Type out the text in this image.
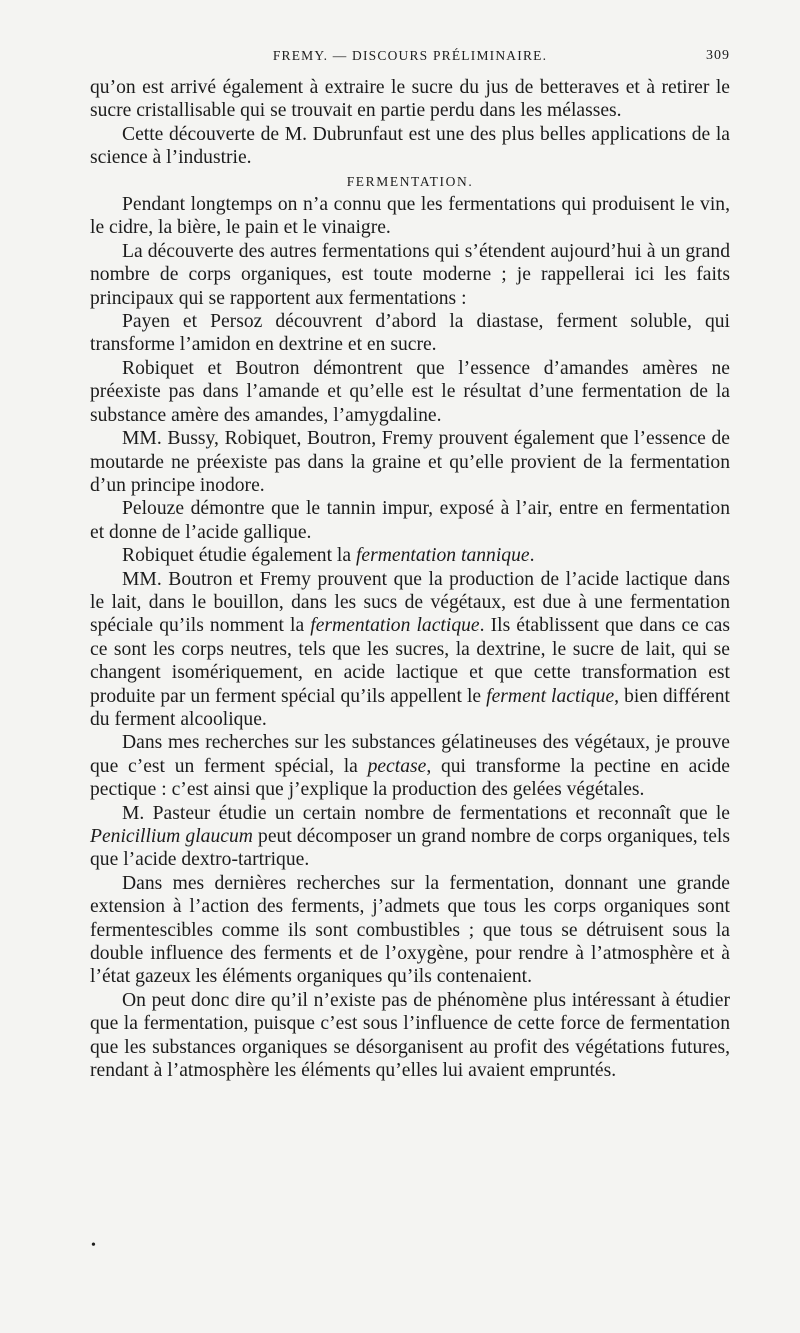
FREMY. — DISCOURS PRÉLIMINAIRE.	309

qu’on est arrivé également à extraire le sucre du jus de betteraves et à retirer le sucre cristallisable qui se trouvait en partie perdu dans les mélasses.

Cette découverte de M. Dubrunfaut est une des plus belles applications de la science à l’industrie.

FERMENTATION.

Pendant longtemps on n’a connu que les fermentations qui produisent le vin, le cidre, la bière, le pain et le vinaigre.

La découverte des autres fermentations qui s’étendent aujourd’hui à un grand nombre de corps organiques, est toute moderne ; je rappellerai ici les faits principaux qui se rapportent aux fermentations :

Payen et Persoz découvrent d’abord la diastase, ferment soluble, qui transforme l’amidon en dextrine et en sucre.

Robiquet et Boutron démontrent que l’essence d’amandes amères ne préexiste pas dans l’amande et qu’elle est le résultat d’une fermentation de la substance amère des amandes, l’amygdaline.

MM. Bussy, Robiquet, Boutron, Fremy prouvent également que l’essence de moutarde ne préexiste pas dans la graine et qu’elle provient de la fermentation d’un principe inodore.

Pelouze démontre que le tannin impur, exposé à l’air, entre en fermentation et donne de l’acide gallique.

Robiquet étudie également la fermentation tannique.

MM. Boutron et Fremy prouvent que la production de l’acide lactique dans le lait, dans le bouillon, dans les sucs de végétaux, est due à une fermentation spéciale qu’ils nomment la fermentation lactique. Ils établissent que dans ce cas ce sont les corps neutres, tels que les sucres, la dextrine, le sucre de lait, qui se changent isomériquement, en acide lactique et que cette transformation est produite par un ferment spécial qu’ils appellent le ferment lactique, bien différent du ferment alcoolique.

Dans mes recherches sur les substances gélatineuses des végétaux, je prouve que c’est un ferment spécial, la pectase, qui transforme la pectine en acide pectique : c’est ainsi que j’explique la production des gelées végétales.

M. Pasteur étudie un certain nombre de fermentations et reconnaît que le Penicillium glaucum peut décomposer un grand nombre de corps organiques, tels que l’acide dextro-tartrique.

Dans mes dernières recherches sur la fermentation, donnant une grande extension à l’action des ferments, j’admets que tous les corps organiques sont fermentescibles comme ils sont combustibles ; que tous se détruisent sous la double influence des ferments et de l’oxygène, pour rendre à l’atmosphère et à l’état gazeux les éléments organiques qu’ils contenaient.

On peut donc dire qu’il n’existe pas de phénomène plus intéressant à étudier que la fermentation, puisque c’est sous l’influence de cette force de fermentation que les substances organiques se désorganisent au profit des végétations futures, rendant à l’atmosphère les éléments qu’elles lui avaient empruntés.

•
